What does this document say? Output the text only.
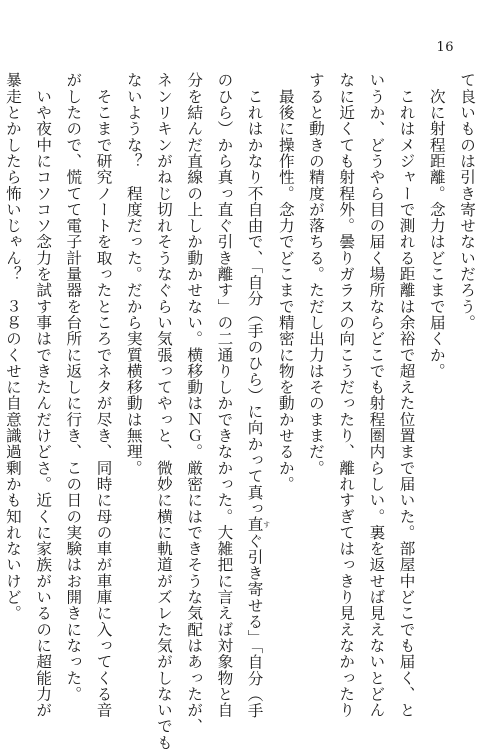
16
て良いものは引き寄せないだろう。
　次に射程距離。念力はどこまで届くか。
　これはメジャーで測れる距離は余裕で超えた位置まで届いた。部屋中どこでも届く、と
いうか、どうやら目の届く場所ならどこでも射程圏内らしい。裏を返せば見えないとどん
なに近くても射程外。曇りガラスの向こうだったり、離れすぎてはっきり見えなかったり
すると動きの精度が落ちる。ただし出力はそのままだ。
　最後に操作性。念力でどこまで精密に物を動かせるか。
　これはかなり不自由で、「自分（手のひら）に向かって真っ直 すぐ引き寄せる」「自分（手
のひら）から真っ直ぐ引き離す」の二通りしかできなかった。大雑把に言えば対象物と自
分を結んだ直線の上しか動かせない。横移動はＮＧ。厳密にはできそうな気配はあったが、
ネンリキンがねじ切れそうなぐらい気張ってやっと、微妙に横に軌道がズレた気がしないでも
ないような？　程度だった。だから実質横移動は無理。
　そこまで研究ノートを取ったところでネタが尽き、同時に母の車が車庫に入ってくる音
がしたので、慌てて電子計量器を台所に返しに行き、この日の実験はお開きになった。
　いや夜中にコソコソ念力を試す事はできたんだけどさ。近くに家族がいるのに超能力が
暴走とかしたら怖いじゃん？　３ｇのくせに自意識過剰かも知れないけど。
